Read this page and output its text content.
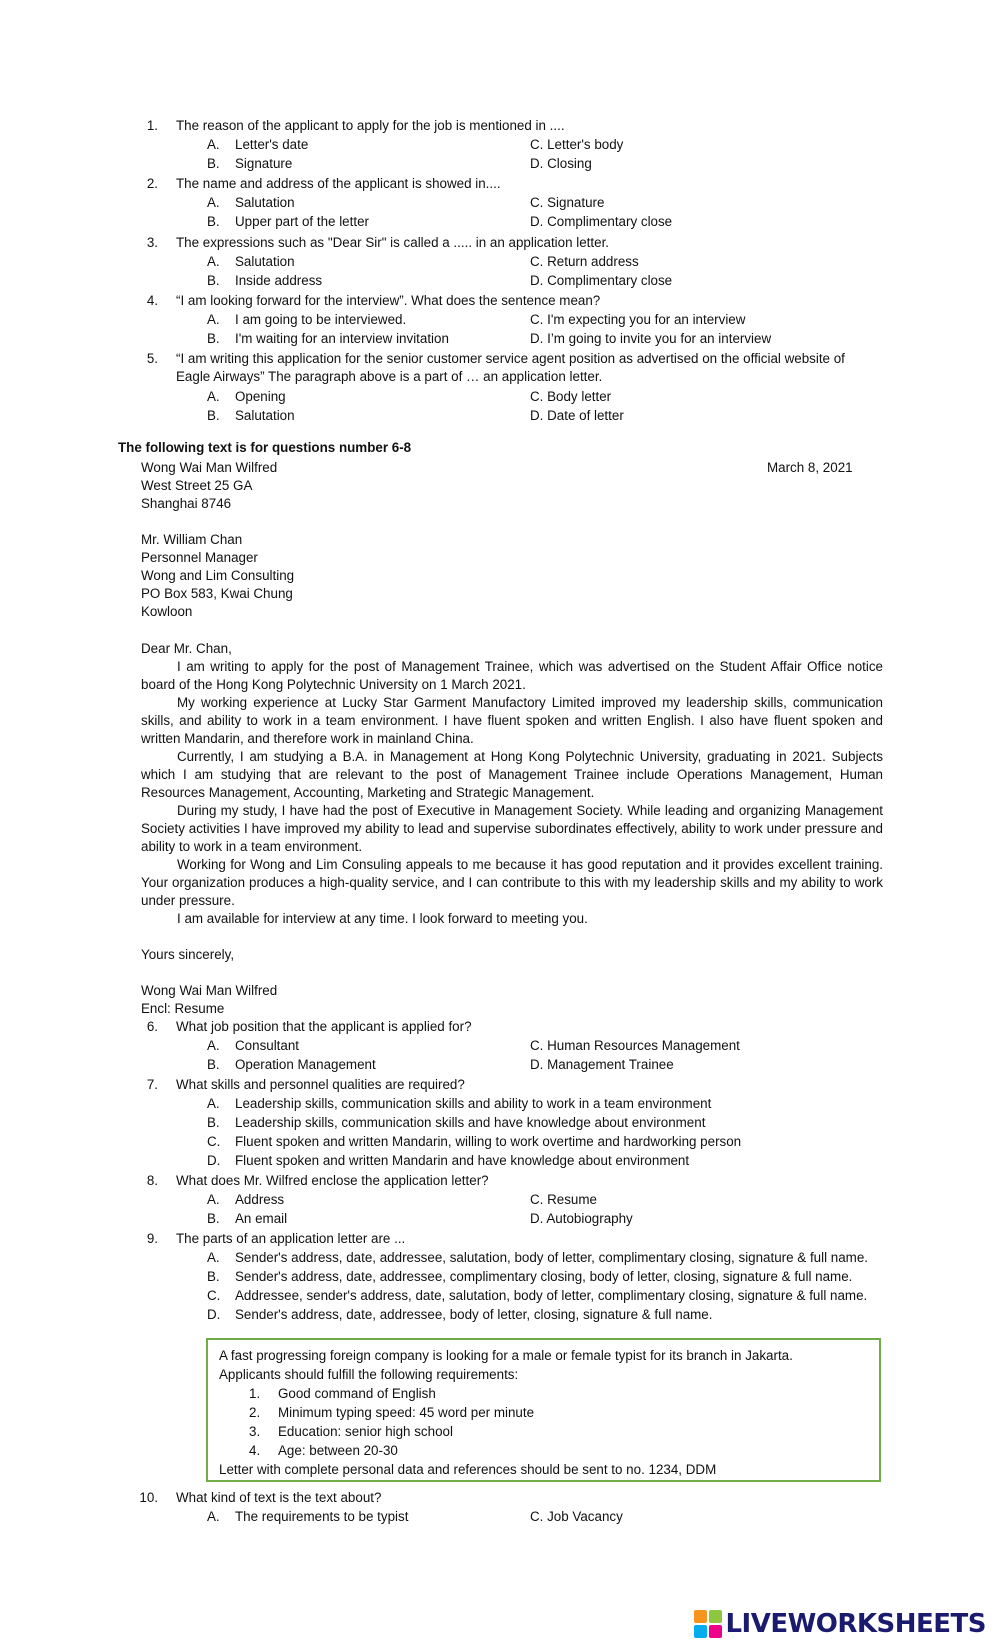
1. The reason of the applicant to apply for the job is mentioned in ....
A. Letter's date
B. Signature
C. Letter's body
D. Closing
2. The name and address of the applicant is showed in....
A. Salutation
B. Upper part of the letter
C. Signature
D. Complimentary close
3. The expressions such as "Dear Sir" is called a ..... in an application letter.
A. Salutation
B. Inside address
C. Return address
D. Complimentary close
4. “I am looking forward for the interview”. What does the sentence mean?
A. I am going to be interviewed.
B. I'm waiting for an interview invitation
C. I'm expecting you for an interview
D. I’m going to invite you for an interview
5. “I am writing this application for the senior customer service agent position as advertised on the official website of Eagle Airways” The paragraph above is a part of … an application letter.
A. Opening
B. Salutation
C. Body letter
D. Date of letter
The following text is for questions number 6-8
Wong Wai Man Wilfred
West Street 25 GA
Shanghai 8746
March 8, 2021
Mr. William Chan
Personnel Manager
Wong and Lim Consulting
PO Box 583, Kwai Chung
Kowloon
Dear Mr. Chan,
I am writing to apply for the post of Management Trainee, which was advertised on the Student Affair Office notice board of the Hong Kong Polytechnic University on 1 March 2021.
My working experience at Lucky Star Garment Manufactory Limited improved my leadership skills, communication skills, and ability to work in a team environment. I have fluent spoken and written English. I also have fluent spoken and written Mandarin, and therefore work in mainland China.
Currently, I am studying a B.A. in Management at Hong Kong Polytechnic University, graduating in 2021. Subjects which I am studying that are relevant to the post of Management Trainee include Operations Management, Human Resources Management, Accounting, Marketing and Strategic Management.
During my study, I have had the post of Executive in Management Society. While leading and organizing Management Society activities I have improved my ability to lead and supervise subordinates effectively, ability to work under pressure and ability to work in a team environment.
Working for Wong and Lim Consuling appeals to me because it has good reputation and it provides excellent training. Your organization produces a high-quality service, and I can contribute to this with my leadership skills and my ability to work under pressure.
I am available for interview at any time. I look forward to meeting you.
Yours sincerely,
Wong Wai Man Wilfred
Encl: Resume
6. What job position that the applicant is applied for?
A. Consultant
B. Operation Management
C. Human Resources Management
D. Management Trainee
7. What skills and personnel qualities are required?
A. Leadership skills, communication skills and ability to work in a team environment
B. Leadership skills, communication skills and have knowledge about environment
C. Fluent spoken and written Mandarin, willing to work overtime and hardworking person
D. Fluent spoken and written Mandarin and have knowledge about environment
8. What does Mr. Wilfred enclose the application letter?
A. Address
B. An email
C. Resume
D. Autobiography
9. The parts of an application letter are ...
A. Sender's address, date, addressee, salutation, body of letter, complimentary closing, signature & full name.
B. Sender's address, date, addressee, complimentary closing, body of letter, closing, signature & full name.
C. Addressee, sender's address, date, salutation, body of letter, complimentary closing, signature & full name.
D. Sender's address, date, addressee, body of letter, closing, signature & full name.
A fast progressing foreign company is looking for a male or female typist for its branch in Jakarta.
Applicants should fulfill the following requirements:
1. Good command of English
2. Minimum typing speed: 45 word per minute
3. Education: senior high school
4. Age: between 20-30
Letter with complete personal data and references should be sent to no. 1234, DDM
10. What kind of text is the text about?
A. The requirements to be typist	C. Job Vacancy
LIVEWORKSHEETS
